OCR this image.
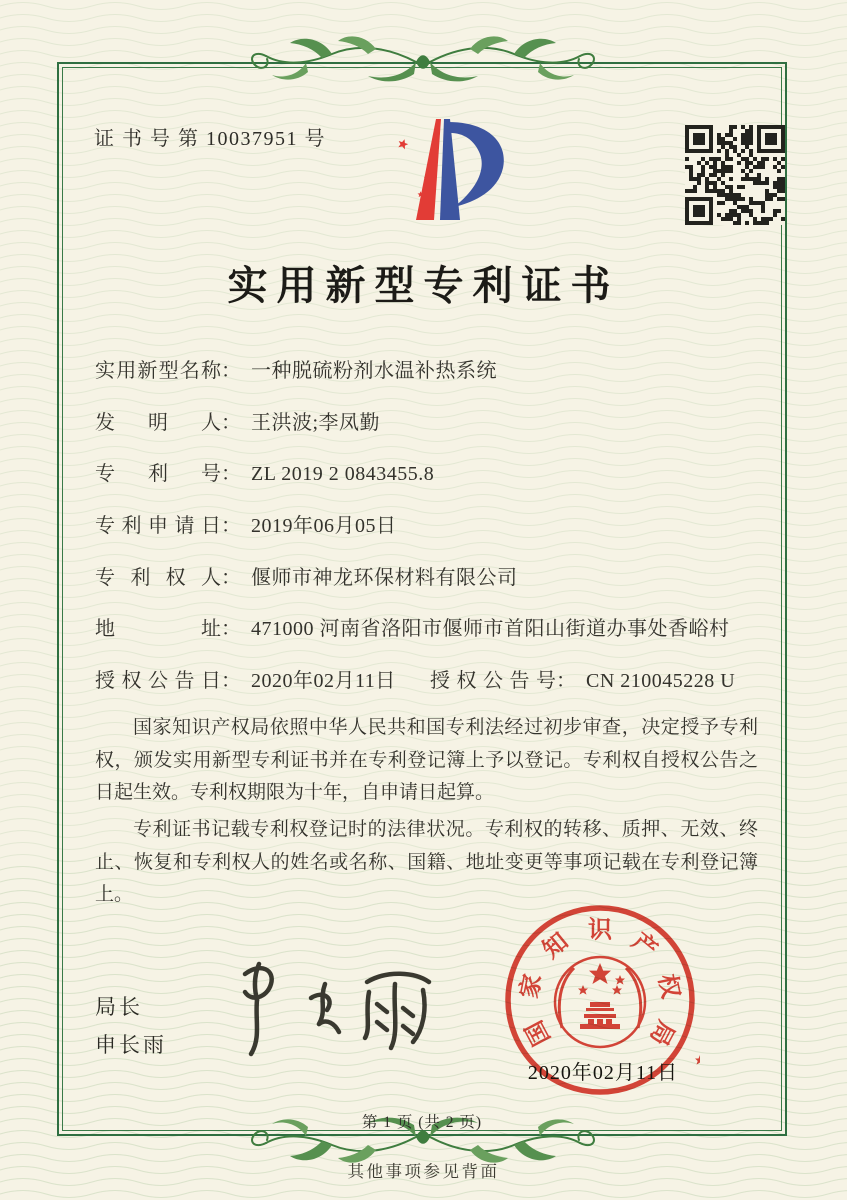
证 书 号 第 10037951 号
实用新型专利证书
实用新型名称： 一种脱硫粉剂水温补热系统
发明人： 王洪波;李凤勤
专利号： ZL 2019 2 0843455.8
专利申请日： 2019年06月05日
专利权人： 偃师市神龙环保材料有限公司
地址： 471000 河南省洛阳市偃师市首阳山街道办事处香峪村
授权公告日： 2020年02月11日 授权公告号： CN 210045228 U

国家知识产权局依照中华人民共和国专利法经过初步审查，决定授予专利权，颁发实用新型专利证书并在专利登记簿上予以登记。专利权自授权公告之日起生效。专利权期限为十年，自申请日起算。

专利证书记载专利权登记时的法律状况。专利权的转移、质押、无效、终止、恢复和专利权人的姓名或名称、国籍、地址变更等事项记载在专利登记簿上。

局长
申长雨	国
家
知 识 产
权
局
2020年02月11日
第 1 页 (共 2 页)
其他事项参见背面
